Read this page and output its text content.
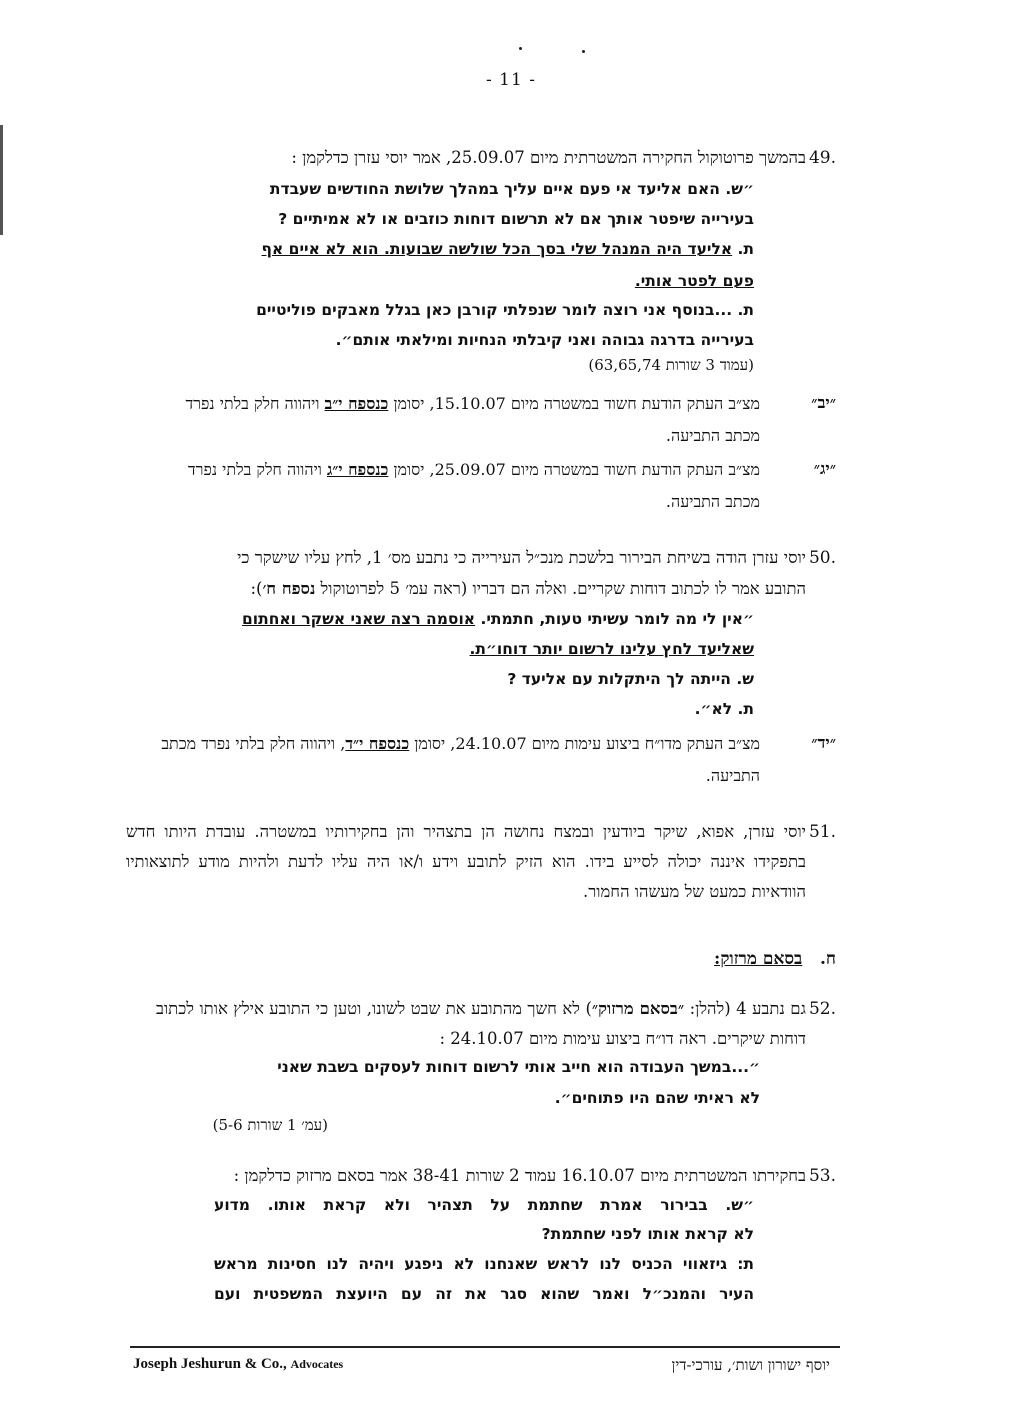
- 11 -
49.
בהמשך פרוטוקול החקירה המשטרתית מיום 25.09.07, אמר יוסי עזרן כדלקמן :
״ש. האם אליעד אי פעם איים עליך במהלך שלושת החודשים שעבדת
בעירייה שיפטר אותך אם לא תרשום דוחות כוזבים או לא אמיתיים ?
ת. אליעד היה המנהל שלי בסך הכל שולשה שבועות. הוא לא איים אף
פעם לפטר אותי.
ת. ...בנוסף אני רוצה לומר שנפלתי קורבן כאן בגלל מאבקים פוליטיים
בעירייה בדרגה גבוהה ואני קיבלתי הנחיות ומילאתי אותם״.
(עמוד 3 שורות 63,65,74)
״יב״
מצ״ב העתק הודעת חשוד במשטרה מיום 15.10.07, יסומן כנספח י״ב ויהווה חלק בלתי נפרד מכתב התביעה.
״יג״
מצ״ב העתק הודעת חשוד במשטרה מיום 25.09.07, יסומן כנספח י״ג ויהווה חלק בלתי נפרד מכתב התביעה.
50.
יוסי עזרן הודה בשיחת הבירור בלשכת מנכ״ל העירייה כי נתבע מס׳ 1, לחץ עליו שישקר כי
התובע אמר לו לכתוב דוחות שקריים. ואלה הם דבריו (ראה עמ׳ 5 לפרוטוקול נספח ח׳):
״אין לי מה לומר עשיתי טעות, חתמתי. אוסמה רצה שאני אשקר ואחתום
שאליעד לחץ עלינו לרשום יותר דוחו״ת.
ש. הייתה לך היתקלות עם אליעד ?
ת. לא״.
״יד״
מצ״ב העתק מדו״ח ביצוע עימות מיום 24.10.07, יסומן כנספח י״ד, ויהווה חלק בלתי נפרד מכתב התביעה.
51.
יוסי עזרן, אפוא, שיקר ביודעין ובמצח נחושה הן בתצהיר והן בחקירותיו במשטרה. עובדת היותו חדש בתפקידו איננה יכולה לסייע בידו. הוא הזיק לתובע וידע ו/או היה עליו לדעת ולהיות מודע לתוצאותיו הוודאיות כמעט של מעשהו החמור.
ח.   בסאם מרזוק:
52.
גם נתבע 4 (להלן: ״בסאם מרזוק״) לא חשך מהתובע את שבט לשונו, וטען כי התובע אילץ אותו לכתוב דוחות שיקרים. ראה דו״ח ביצוע עימות מיום 24.10.07 :
״...במשך העבודה הוא חייב אותי לרשום דוחות לעסקים בשבת שאני
לא ראיתי שהם היו פתוחים״.
(עמ׳ 1 שורות 5-6)
53.
בחקירתו המשטרתית מיום 16.10.07 עמוד 2 שורות 38-41 אמר בסאם מרזוק כדלקמן :
״ש. בבירור אמרת שחתמת על תצהיר ולא קראת אותו. מדוע
לא קראת אותו לפני שחתמת?
ת: גיזאווי הכניס לנו לראש שאנחנו לא ניפגע ויהיה לנו חסינות מראש
העיר והמנכ״ל ואמר שהוא סגר את זה עם היועצת המשפטית ועם
Joseph Jeshurun & Co., Advocates	יוסף ישורון ושות׳, עורכי-דין
